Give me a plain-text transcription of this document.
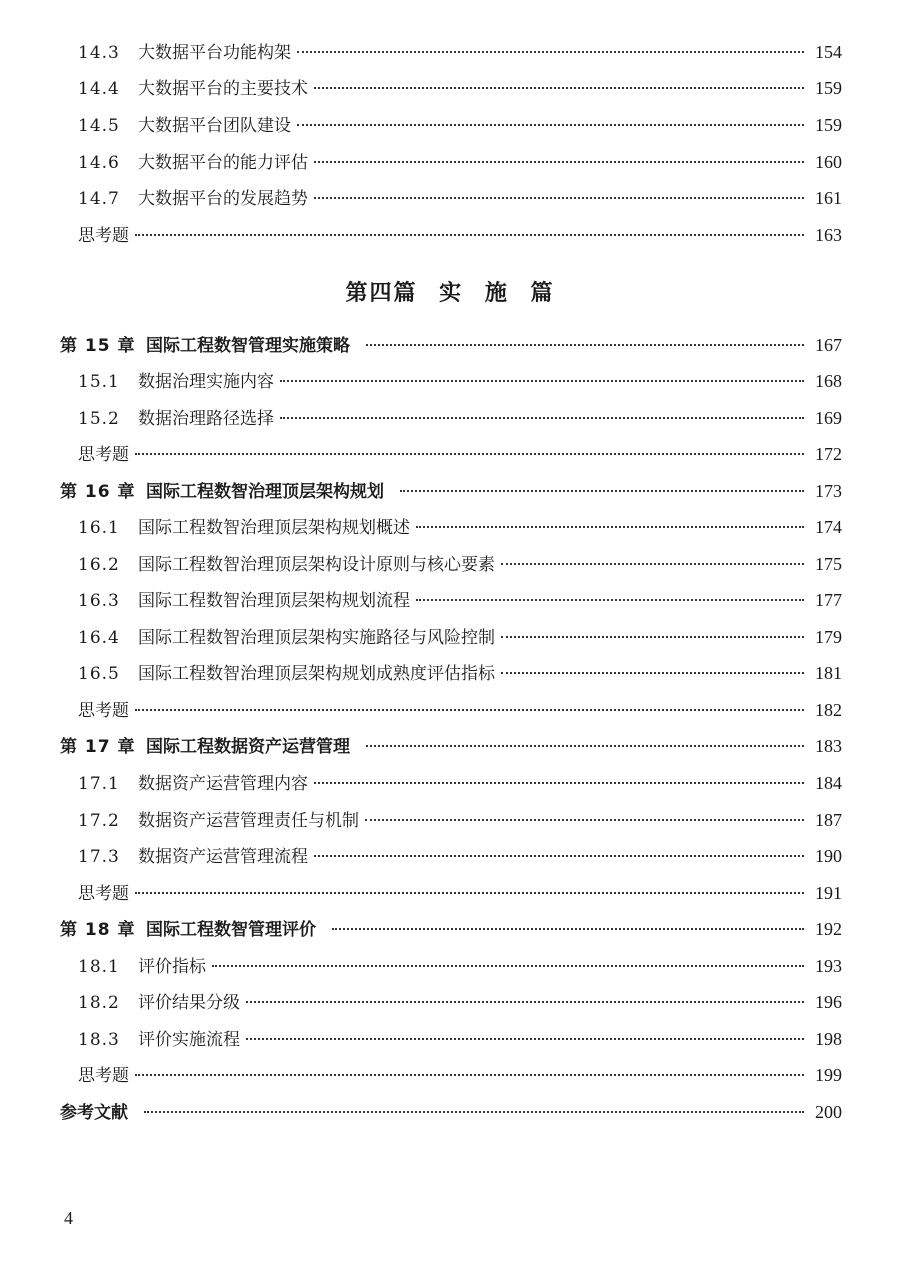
14.3	大数据平台功能构架	154
14.4	大数据平台的主要技术	159
14.5	大数据平台团队建设	159
14.6	大数据平台的能力评估	160
14.7	大数据平台的发展趋势	161
思考题	163
第四篇 实 施 篇
第 15 章 国际工程数智管理实施策略	167
15.1	数据治理实施内容	168
15.2	数据治理路径选择	169
思考题	172
第 16 章 国际工程数智治理顶层架构规划	173
16.1	国际工程数智治理顶层架构规划概述	174
16.2	国际工程数智治理顶层架构设计原则与核心要素	175
16.3	国际工程数智治理顶层架构规划流程	177
16.4	国际工程数智治理顶层架构实施路径与风险控制	179
16.5	国际工程数智治理顶层架构规划成熟度评估指标	181
思考题	182
第 17 章 国际工程数据资产运营管理	183
17.1	数据资产运营管理内容	184
17.2	数据资产运营管理责任与机制	187
17.3	数据资产运营管理流程	190
思考题	191
第 18 章 国际工程数智管理评价	192
18.1	评价指标	193
18.2	评价结果分级	196
18.3	评价实施流程	198
思考题	199
参考文献	200
4
